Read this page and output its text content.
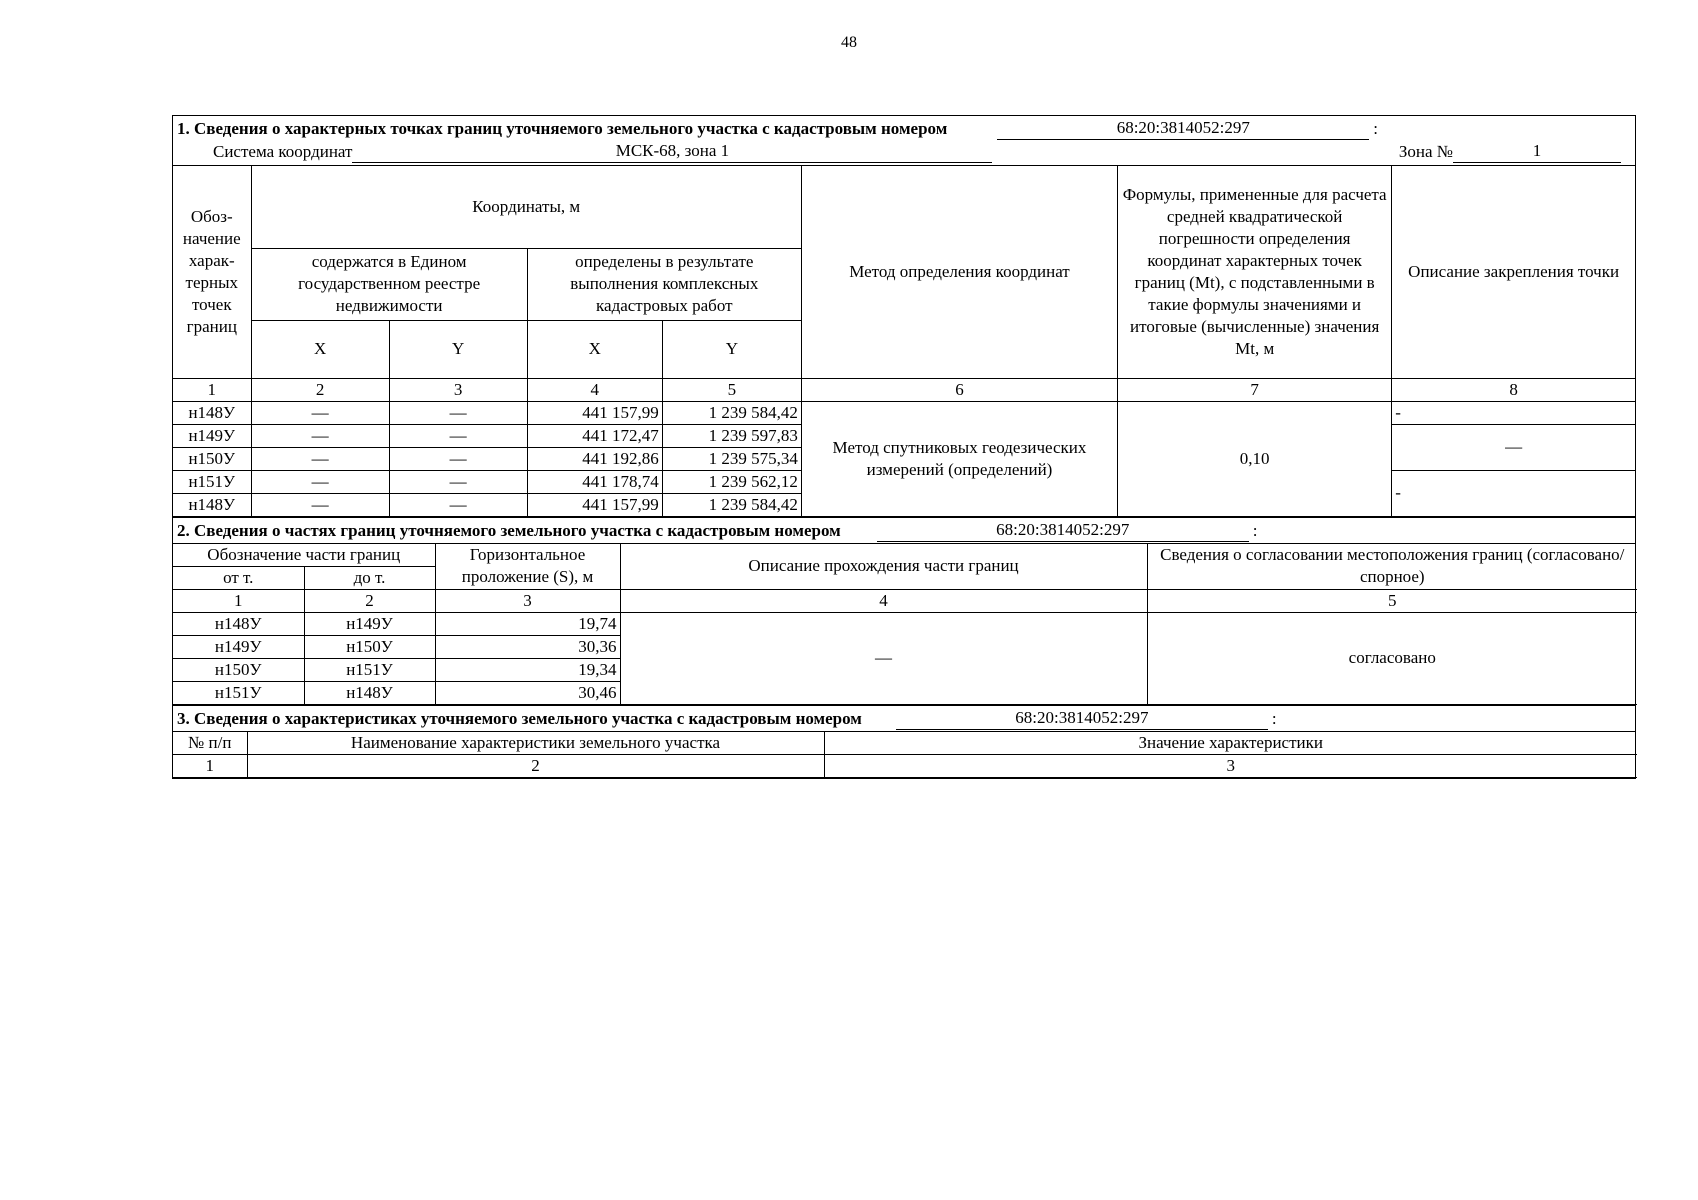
48
1. Сведения о характерных точках границ уточняемого земельного участка с кадастровым номером	68:20:3814052:297	:
Система координат	МСК-68, зона 1	Зона №	1
Обоз-начение харак-терных точек границ	Координаты, м				Метод определения координат	Формулы, примененные для расчета средней квадратической погрешности определения координат характерных точек границ (Mt), с подставленными в такие формулы значениями и итоговые (вычисленные) значения Mt, м	Описание закрепления точки
	содержатся в Едином государственном реестре недвижимости		определены в результате выполнения комплексных кадастровых работ				
	X	Y	X	Y			
1	2	3	4	5	6	7	8
н148У	—	—	441 157,99	1 239 584,42	Метод спутниковых геодезических измерений (определений)	0,10	-
н149У	—	—	441 172,47	1 239 597,83			—
н150У	—	—	441 192,86	1 239 575,34			
н151У	—	—	441 178,74	1 239 562,12			-
н148У	—	—	441 157,99	1 239 584,42			
2. Сведения о частях границ уточняемого земельного участка с кадастровым номером	68:20:3814052:297	:
Обозначение части границ		Горизонтальное проложение (S), м	Описание прохождения части границ	Сведения о согласовании местоположения границ (согласовано/спорное)
от т.	до т.			
1	2	3	4	5
н148У	н149У	19,74	—	согласовано
н149У	н150У	30,36		
н150У	н151У	19,34		
н151У	н148У	30,46		
3. Сведения о характеристиках уточняемого земельного участка с кадастровым номером	68:20:3814052:297	:
№ п/п	Наименование характеристики земельного участка	Значение характеристики
1	2	3
